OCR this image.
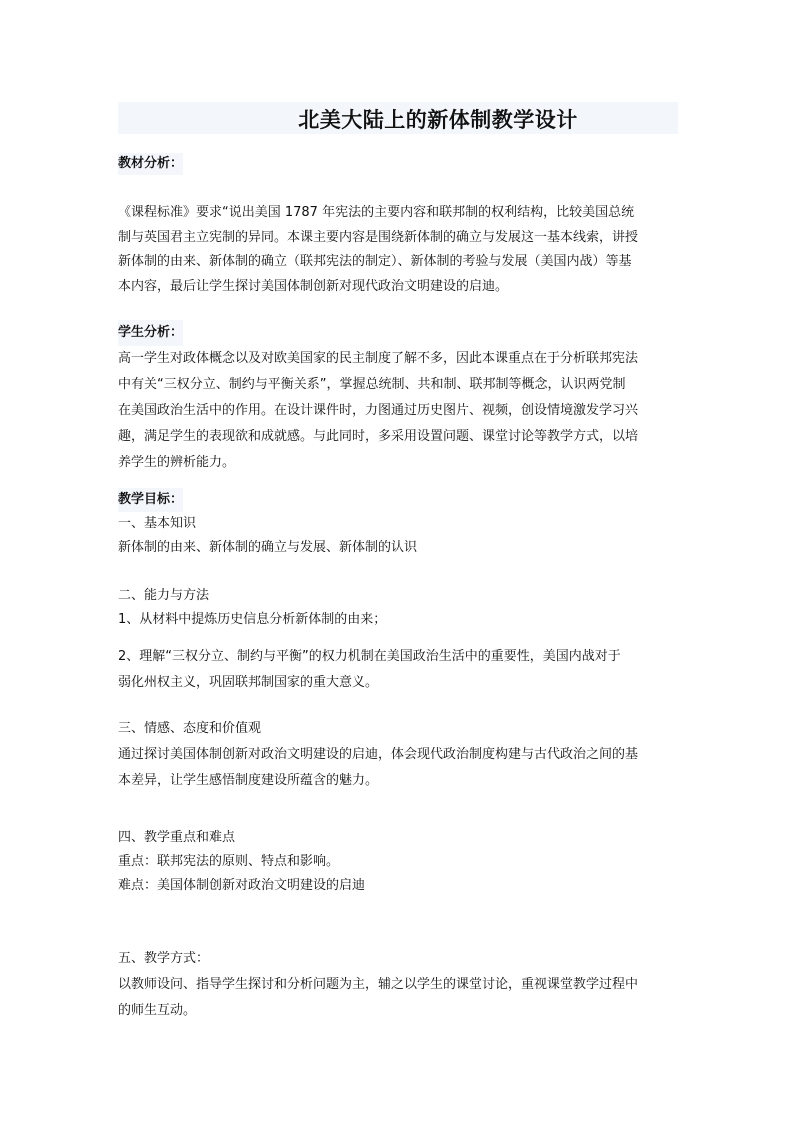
北美大陆上的新体制教学设计
教材分析：
《课程标准》要求“说出美国 1787 年宪法的主要内容和联邦制的权利结构，比较美国总统
制与英国君主立宪制的异同。本课主要内容是围绕新体制的确立与发展这一基本线索，讲授
新体制的由来、新体制的确立（联邦宪法的制定）、新体制的考验与发展（美国内战）等基
本内容，最后让学生探讨美国体制创新对现代政治文明建设的启迪。
学生分析：
高一学生对政体概念以及对欧美国家的民主制度了解不多，因此本课重点在于分析联邦宪法
中有关“三权分立、制约与平衡关系”，掌握总统制、共和制、联邦制等概念，认识两党制
在美国政治生活中的作用。在设计课件时，力图通过历史图片、视频，创设情境激发学习兴
趣，满足学生的表现欲和成就感。与此同时，多采用设置问题、课堂讨论等教学方式，以培
养学生的辨析能力。
教学目标：
一、基本知识
新体制的由来、新体制的确立与发展、新体制的认识
二、能力与方法
1、从材料中提炼历史信息分析新体制的由来；
2、理解“三权分立、制约与平衡”的权力机制在美国政治生活中的重要性，美国内战对于
弱化州权主义，巩固联邦制国家的重大意义。
三、情感、态度和价值观
通过探讨美国体制创新对政治文明建设的启迪，体会现代政治制度构建与古代政治之间的基
本差异，让学生感悟制度建设所蕴含的魅力。
四、教学重点和难点
重点：联邦宪法的原则、特点和影响。
难点：美国体制创新对政治文明建设的启迪
五、教学方式：
以教师设问、指导学生探讨和分析问题为主，辅之以学生的课堂讨论，重视课堂教学过程中
的师生互动。
